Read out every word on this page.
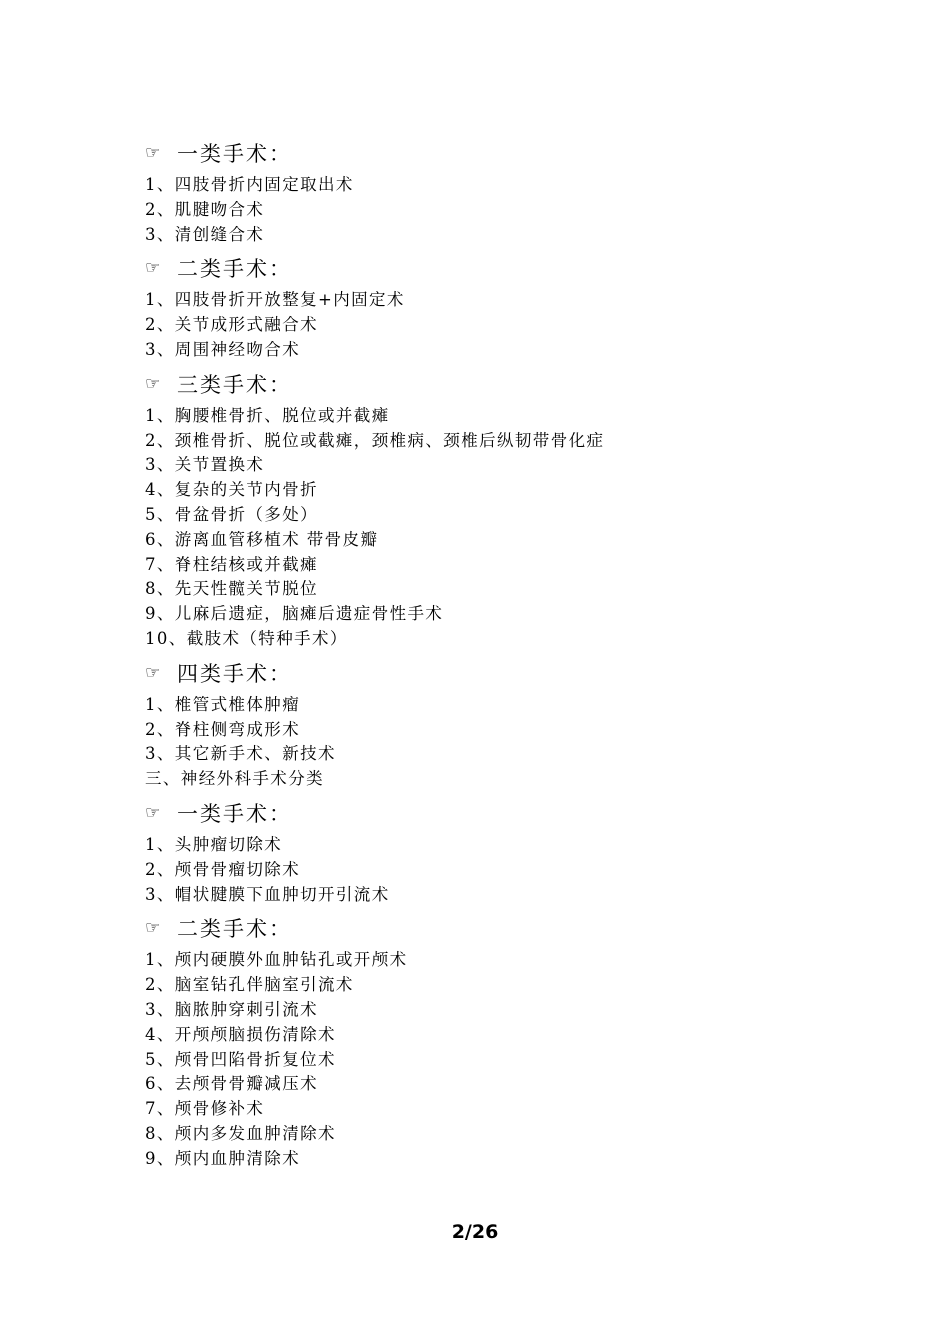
☞ 一类手术：
1、四肢骨折内固定取出术
2、肌腱吻合术
3、清创缝合术
☞ 二类手术：
1、四肢骨折开放整复+内固定术
2、关节成形式融合术
3、周围神经吻合术
☞ 三类手术：
1、胸腰椎骨折、脱位或并截瘫
2、颈椎骨折、脱位或截瘫，颈椎病、颈椎后纵韧带骨化症
3、关节置换术
4、复杂的关节内骨折
5、骨盆骨折（多处）
6、游离血管移植术 带骨皮瓣
7、脊柱结核或并截瘫
8、先天性髋关节脱位
9、儿麻后遗症，脑瘫后遗症骨性手术
10、截肢术（特种手术）
☞ 四类手术：
1、椎管式椎体肿瘤
2、脊柱侧弯成形术
3、其它新手术、新技术
三、神经外科手术分类
☞ 一类手术：
1、头肿瘤切除术
2、颅骨骨瘤切除术
3、帽状腱膜下血肿切开引流术
☞ 二类手术：
1、颅内硬膜外血肿钻孔或开颅术
2、脑室钻孔伴脑室引流术
3、脑脓肿穿刺引流术
4、开颅颅脑损伤清除术
5、颅骨凹陷骨折复位术
6、去颅骨骨瓣减压术
7、颅骨修补术
8、颅内多发血肿清除术
9、颅内血肿清除术
2/26
